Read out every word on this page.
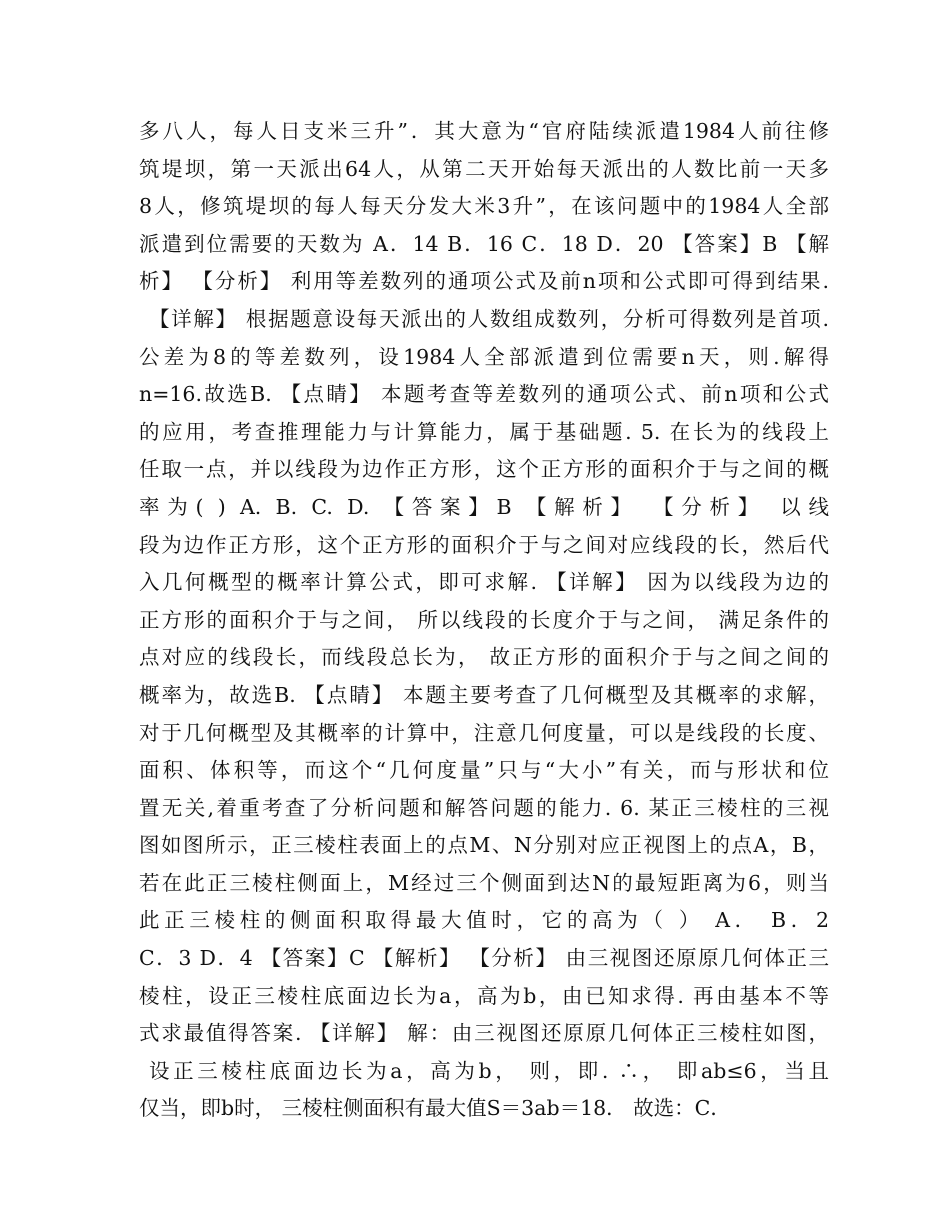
多八人，每人日支米三升”．其大意为“官府陆续派遣1984人前往修
筑堤坝，第一天派出64人，从第二天开始每天派出的人数比前一天多
8人，修筑堤坝的每人每天分发大米3升”，在该问题中的1984人全部
派遣到位需要的天数为 A．14 B．16 C．18 D．20 【答案】B 【解
析】 【分析】 利用等差数列的通项公式及前n项和公式即可得到结果.
【详解】 根据题意设每天派出的人数组成数列，分析可得数列是首项.
公差为8的等差数列，设1984人全部派遣到位需要n天，则.解得
n=16.故选B. 【点睛】 本题考查等差数列的通项公式、前n项和公式
的应用，考查推理能力与计算能力，属于基础题. 5. 在长为的线段上
任取一点，并以线段为边作正方形，这个正方形的面积介于与之间的概
率为( ) A. B. C. D. 【答案】B 【解析】 【分析】 以线
段为边作正方形，这个正方形的面积介于与之间对应线段的长，然后代
入几何概型的概率计算公式，即可求解. 【详解】 因为以线段为边的
正方形的面积介于与之间， 所以线段的长度介于与之间， 满足条件的
点对应的线段长，而线段总长为， 故正方形的面积介于与之间之间的
概率为，故选B. 【点睛】 本题主要考查了几何概型及其概率的求解，
对于几何概型及其概率的计算中，注意几何度量，可以是线段的长度、
面积、体积等，而这个“几何度量”只与“大小”有关，而与形状和位
置无关,着重考查了分析问题和解答问题的能力. 6. 某正三棱柱的三视
图如图所示，正三棱柱表面上的点M、N分别对应正视图上的点A，B，
若在此正三棱柱侧面上，M经过三个侧面到达N的最短距离为6，则当
此正三棱柱的侧面积取得最大值时，它的高为（ ） A． B．2
C．3 D．4 【答案】C 【解析】 【分析】 由三视图还原原几何体正三
棱柱，设正三棱柱底面边长为a，高为b，由已知求得. 再由基本不等
式求最值得答案. 【详解】 解：由三视图还原原几何体正三棱柱如图，
设正三棱柱底面边长为a，高为b， 则，即. ∴， 即ab≤6，当且
仅当，即b时， 三棱柱侧面积有最大值S＝3ab＝18． 故选：C．
